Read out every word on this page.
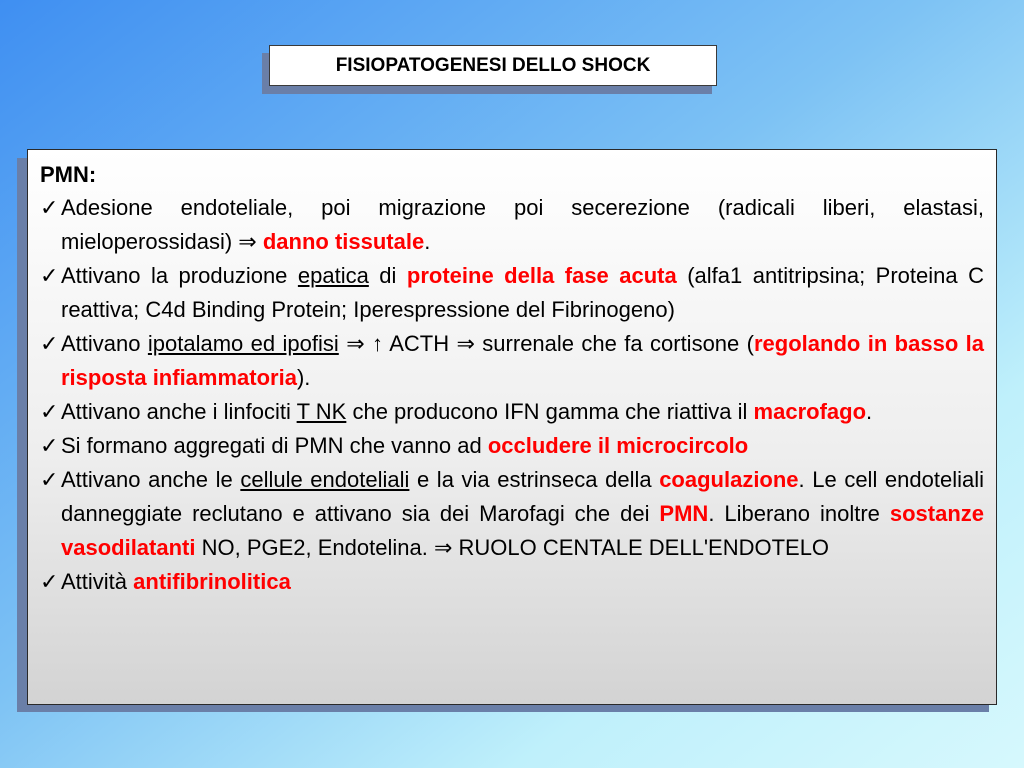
FISIOPATOGENESI DELLO SHOCK
PMN:
✓ Adesione endoteliale, poi migrazione poi secerezione (radicali liberi, elastasi, mieloperossidasi) ⇒ danno tissutale.
✓ Attivano la produzione epatica di proteine della fase acuta (alfa1 antitripsina; Proteina C reattiva; C4d Binding Protein; Iperespressione del Fibrinogeno)
✓ Attivano ipotalamo ed ipofisi ⇒ ↑ ACTH ⇒ surrenale che fa cortisone (regolando in basso la risposta infiammatoria).
✓ Attivano anche i linfociti T NK che producono IFN gamma che riattiva il macrofago.
✓ Si formano aggregati di PMN che vanno ad occludere il microcircolo
✓ Attivano anche le cellule endoteliali e la via estrinseca della coagulazione. Le cell endoteliali danneggiate reclutano e attivano sia dei Marofagi che dei PMN. Liberano inoltre sostanze vasodilatanti NO, PGE2, Endotelina. ⇒ RUOLO CENTALE DELL'ENDOTELO
✓ Attività antifibrinolitica
